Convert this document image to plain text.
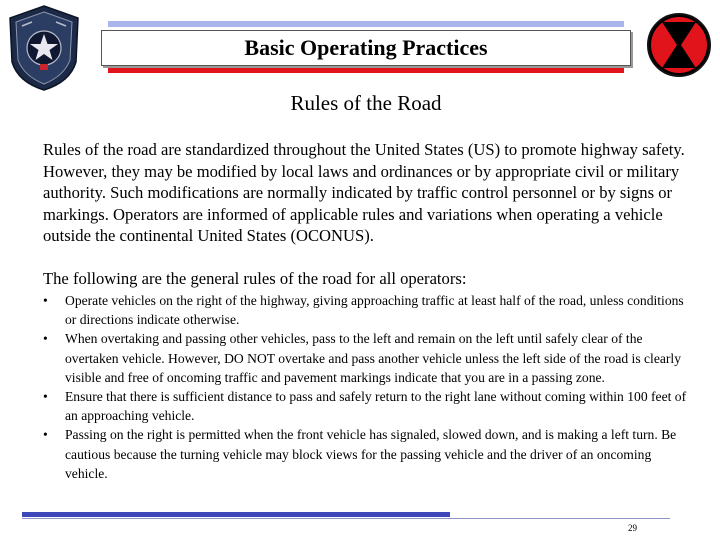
Basic Operating Practices
Rules of the Road

Rules of the road are standardized throughout the United States (US) to promote highway safety. However, they may be modified by local laws and ordinances or by appropriate civil or military authority. Such modifications are normally indicated by traffic control personnel or by signs or markings. Operators are informed of applicable rules and variations when operating a vehicle outside the continental United States (OCONUS).

The following are the general rules of the road for all operators:

• Operate vehicles on the right of the highway, giving approaching traffic at least half of the road, unless conditions or directions indicate otherwise.
• When overtaking and passing other vehicles, pass to the left and remain on the left until safely clear of the overtaken vehicle. However, DO NOT overtake and pass another vehicle unless the left side of the road is clearly visible and free of oncoming traffic and pavement markings indicate that you are in a passing zone.
• Ensure that there is sufficient distance to pass and safely return to the right lane without coming within 100 feet of an approaching vehicle.
• Passing on the right is permitted when the front vehicle has signaled, slowed down, and is making a left turn. Be cautious because the turning vehicle may block views for the passing vehicle and the driver of an oncoming vehicle.
29
